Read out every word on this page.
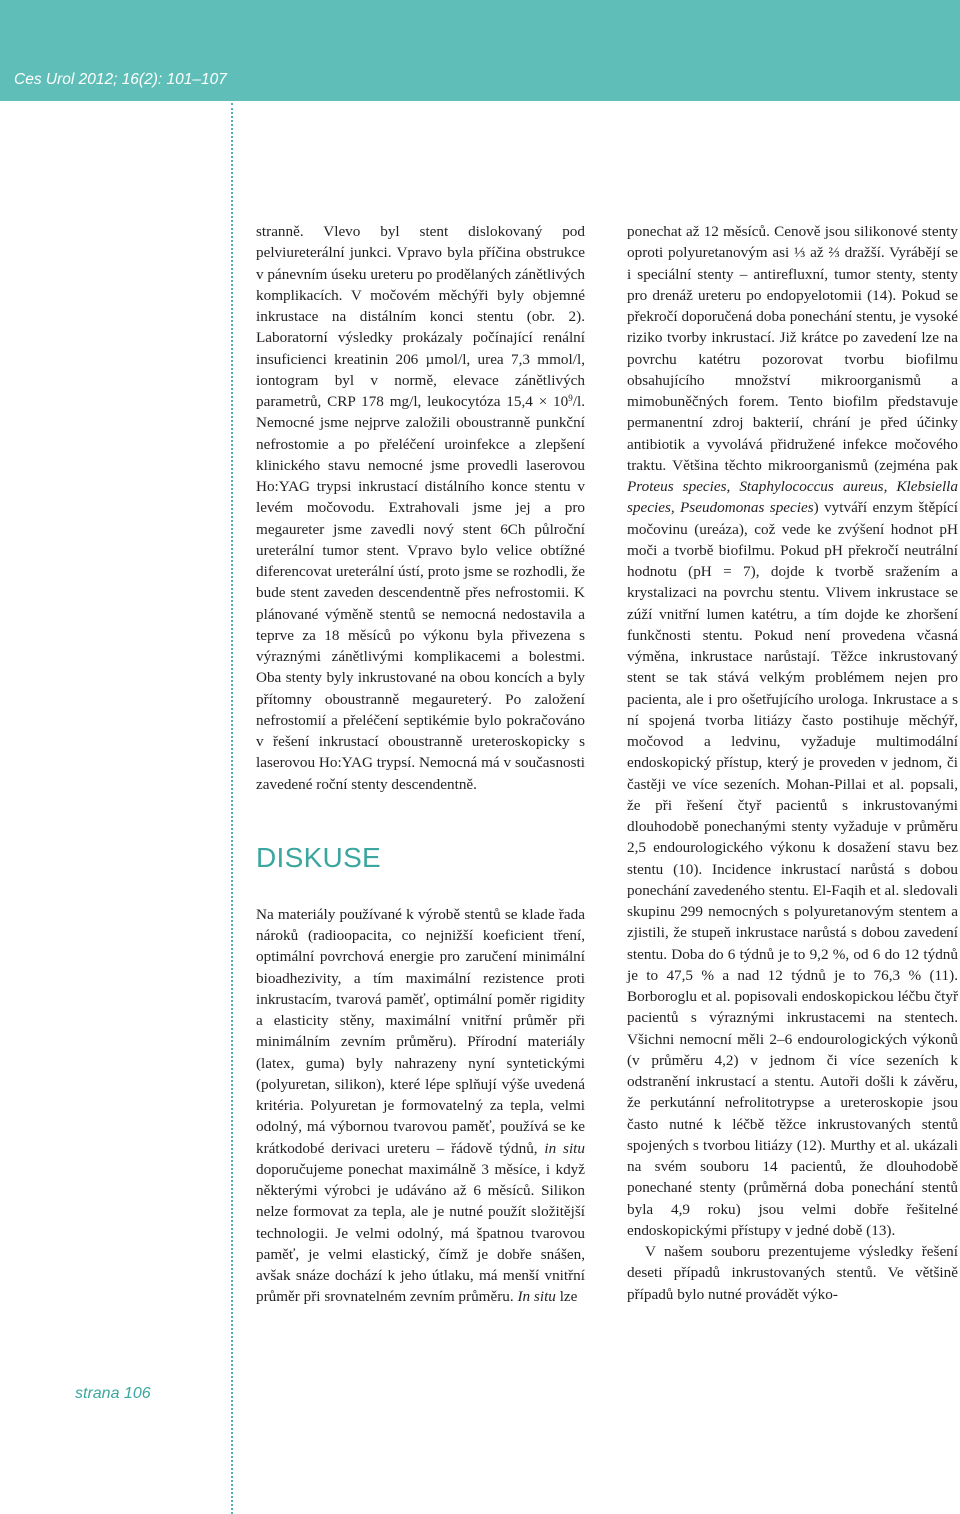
Ces Urol 2012; 16(2): 101–107
strana 106

stranně. Vlevo byl stent dislokovaný pod pelviureterální junkci. Vpravo byla příčina obstrukce v pánevním úseku ureteru po prodělaných zánětlivých komplikacích. V močovém měchýři byly objemné inkrustace na distálním konci stentu (obr. 2). Laboratorní výsledky prokázaly počínající renální insuficienci kreatinin 206 µmol/l, urea 7,3 mmol/l, iontogram byl v normě, elevace zánětlivých parametrů, CRP 178 mg/l, leukocytóza $15,4 \times 10^9/l$. Nemocné jsme nejprve založili oboustranně punkční nefrostomie a po přeléčení uroinfekce a zlepšení klinického stavu nemocné jsme provedli laserovou Ho:YAG trypsi inkrustací distálního konce stentu v levém močovodu. Extrahovali jsme jej a pro megaureter jsme zavedli nový stent 6Ch půlroční ureterální tumor stent. Vpravo bylo velice obtížné diferencovat ureterální ústí, proto jsme se rozhodli, že bude stent zaveden descendentně přes nefrostomii. K plánované výměně stentů se nemocná nedostavila a teprve za 18 měsíců po výkonu byla přivezena s výraznými zánětlivými komplikacemi a bolestmi. Oba stenty byly inkrustované na obou koncích a byly přítomny oboustranně megaureterý. Po založení nefrostomií a přeléčení septikémie bylo pokračováno v řešení inkrustací oboustranně ureteroskopicky s laserovou Ho:YAG trypsí. Nemocná má v současnosti zavedené roční stenty descendentně.

DISKUSE

Na materiály používané k výrobě stentů se klade řada nároků (radioopacita, co nejnižší koeficient tření, optimální povrchová energie pro zaručení minimální bioadhezivity, a tím maximální rezistence proti inkrustacím, tvarová paměť, optimální poměr rigidity a elasticity stěny, maximální vnitřní průměr při minimálním zevním průměru). Přírodní materiály (latex, guma) byly nahrazeny nyní syntetickými (polyuretan, silikon), které lépe splňují výše uvedená kritéria. Polyuretan je formovatelný za tepla, velmi odolný, má výbornou tvarovou paměť, používá se ke krátkodobé derivaci ureteru – řádově týdnů, in situ doporučujeme ponechat maximálně 3 měsíce, i když některými výrobci je udáváno až 6 měsíců. Silikon nelze formovat za tepla, ale je nutné použít složitější technologii. Je velmi odolný, má špatnou tvarovou paměť, je velmi elastický, čímž je dobře snášen, avšak snáze dochází k jeho útlaku, má menší vnitřní průměr při srovnatelném zevním průměru. In situ lze

ponechat až 12 měsíců. Cenově jsou silikonové stenty oproti polyuretanovým asi ⅓ až ⅔ dražší. Vyrábějí se i speciální stenty – antirefluxní, tumor stenty, stenty pro drenáž ureteru po endopyelotomii (14). Pokud se překročí doporučená doba ponechání stentu, je vysoké riziko tvorby inkrustací. Již krátce po zavedení lze na povrchu katétru pozorovat tvorbu biofilmu obsahujícího množství mikroorganismů a mimobuněčných forem. Tento biofilm představuje permanentní zdroj bakterií, chrání je před účinky antibiotik a vyvolává přidružené infekce močového traktu. Většina těchto mikroorganismů (zejména pak Proteus species, Staphylococcus aureus, Klebsiella species, Pseudomonas species) vytváří enzym štěpící močovinu (ureáza), což vede ke zvýšení hodnot pH moči a tvorbě biofilmu. Pokud pH překročí neutrální hodnotu (pH = 7), dojde k tvorbě sražením a krystalizaci na povrchu stentu. Vlivem inkrustace se zúží vnitřní lumen katétru, a tím dojde ke zhoršení funkčnosti stentu. Pokud není provedena včasná výměna, inkrustace narůstají. Těžce inkrustovaný stent se tak stává velkým problémem nejen pro pacienta, ale i pro ošetřujícího urologa. Inkrustace a s ní spojená tvorba litiázy často postihuje měchýř, močovod a ledvinu, vyžaduje multimodální endoskopický přístup, který je proveden v jednom, či častěji ve více sezeních. Mohan-Pillai et al. popsali, že při řešení čtyř pacientů s inkrustovanými dlouhodobě ponechanými stenty vyžaduje v průměru 2,5 endourologického výkonu k dosažení stavu bez stentu (10). Incidence inkrustací narůstá s dobou ponechání zavedeného stentu. El-Faqih et al. sledovali skupinu 299 nemocných s polyuretanovým stentem a zjistili, že stupeň inkrustace narůstá s dobou zavedení stentu. Doba do 6 týdnů je to 9,2 %, od 6 do 12 týdnů je to 47,5 % a nad 12 týdnů je to 76,3 % (11). Borboroglu et al. popisovali endoskopickou léčbu čtyř pacientů s výraznými inkrustacemi na stentech. Všichni nemocní měli 2–6 endourologických výkonů (v průměru 4,2) v jednom či více sezeních k odstranění inkrustací a stentu. Autoři došli k závěru, že perkutánní nefrolitotrypse a ureteroskopie jsou často nutné k léčbě těžce inkrustovaných stentů spojených s tvorbou litiázy (12). Murthy et al. ukázali na svém souboru 14 pacientů, že dlouhodobě ponechané stenty (průměrná doba ponechání stentů byla 4,9 roku) jsou velmi dobře řešitelné endoskopickými přístupy v jedné době (13).

V našem souboru prezentujeme výsledky řešení deseti případů inkrustovaných stentů. Ve většině případů bylo nutné provádět výko-
